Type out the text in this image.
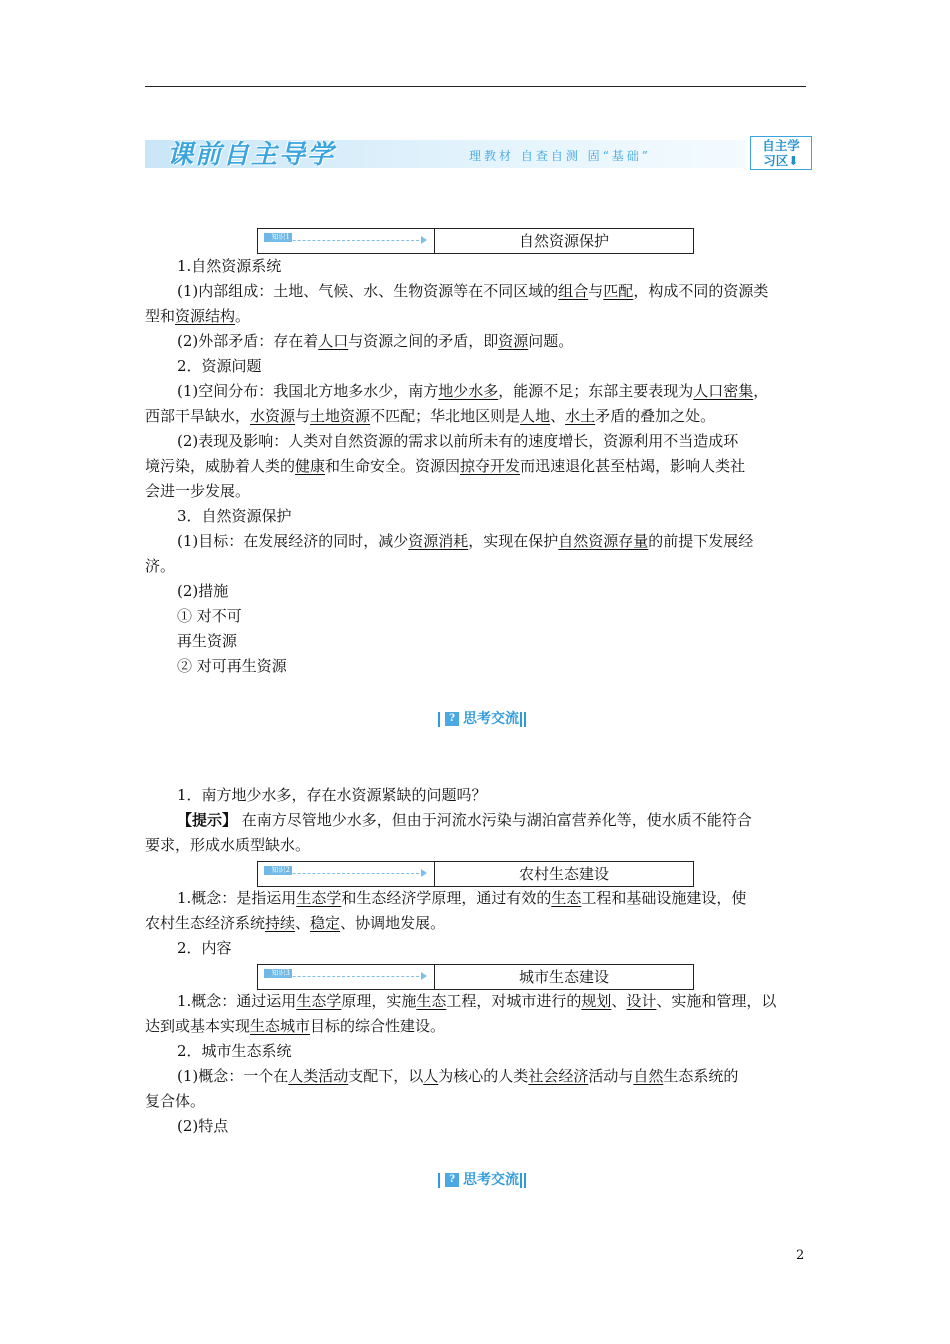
课前自主导学	理教材 自查自测 固“基础”
自主学
习区⬇
知识1	自然资源保护
1.自然资源系统
(1)内部组成：土地、气候、水、生物资源等在不同区域的组合与匹配，构成不同的资源类
型和资源结构。
(2)外部矛盾：存在着人口与资源之间的矛盾，即资源问题。
2．资源问题
(1)空间分布：我国北方地多水少，南方地少水多，能源不足；东部主要表现为人口密集，
西部干旱缺水，水资源与土地资源不匹配；华北地区则是人地、水土矛盾的叠加之处。
(2)表现及影响：人类对自然资源的需求以前所未有的速度增长，资源利用不当造成环
境污染，威胁着人类的健康和生命安全。资源因掠夺开发而迅速退化甚至枯竭，影响人类社
会进一步发展。
3．自然资源保护
(1)目标：在发展经济的同时，减少资源消耗，实现在保护自然资源存量的前提下发展经
济。
(2)措施
① 对不可
再生资源
② 对可再生资源
? 思考交流
1．南方地少水多，存在水资源紧缺的问题吗？
【提示】 在南方尽管地少水多，但由于河流水污染与湖泊富营养化等，使水质不能符合
要求，形成水质型缺水。
知识2	农村生态建设
1.概念：是指运用生态学和生态经济学原理，通过有效的生态工程和基础设施建设，使
农村生态经济系统持续、稳定、协调地发展。
2．内容
知识3	城市生态建设
1.概念：通过运用生态学原理，实施生态工程，对城市进行的规划、设计、实施和管理，以
达到或基本实现生态城市目标的综合性建设。
2．城市生态系统
(1)概念：一个在人类活动支配下，以人为核心的人类社会经济活动与自然生态系统的
复合体。
(2)特点
? 思考交流
2
